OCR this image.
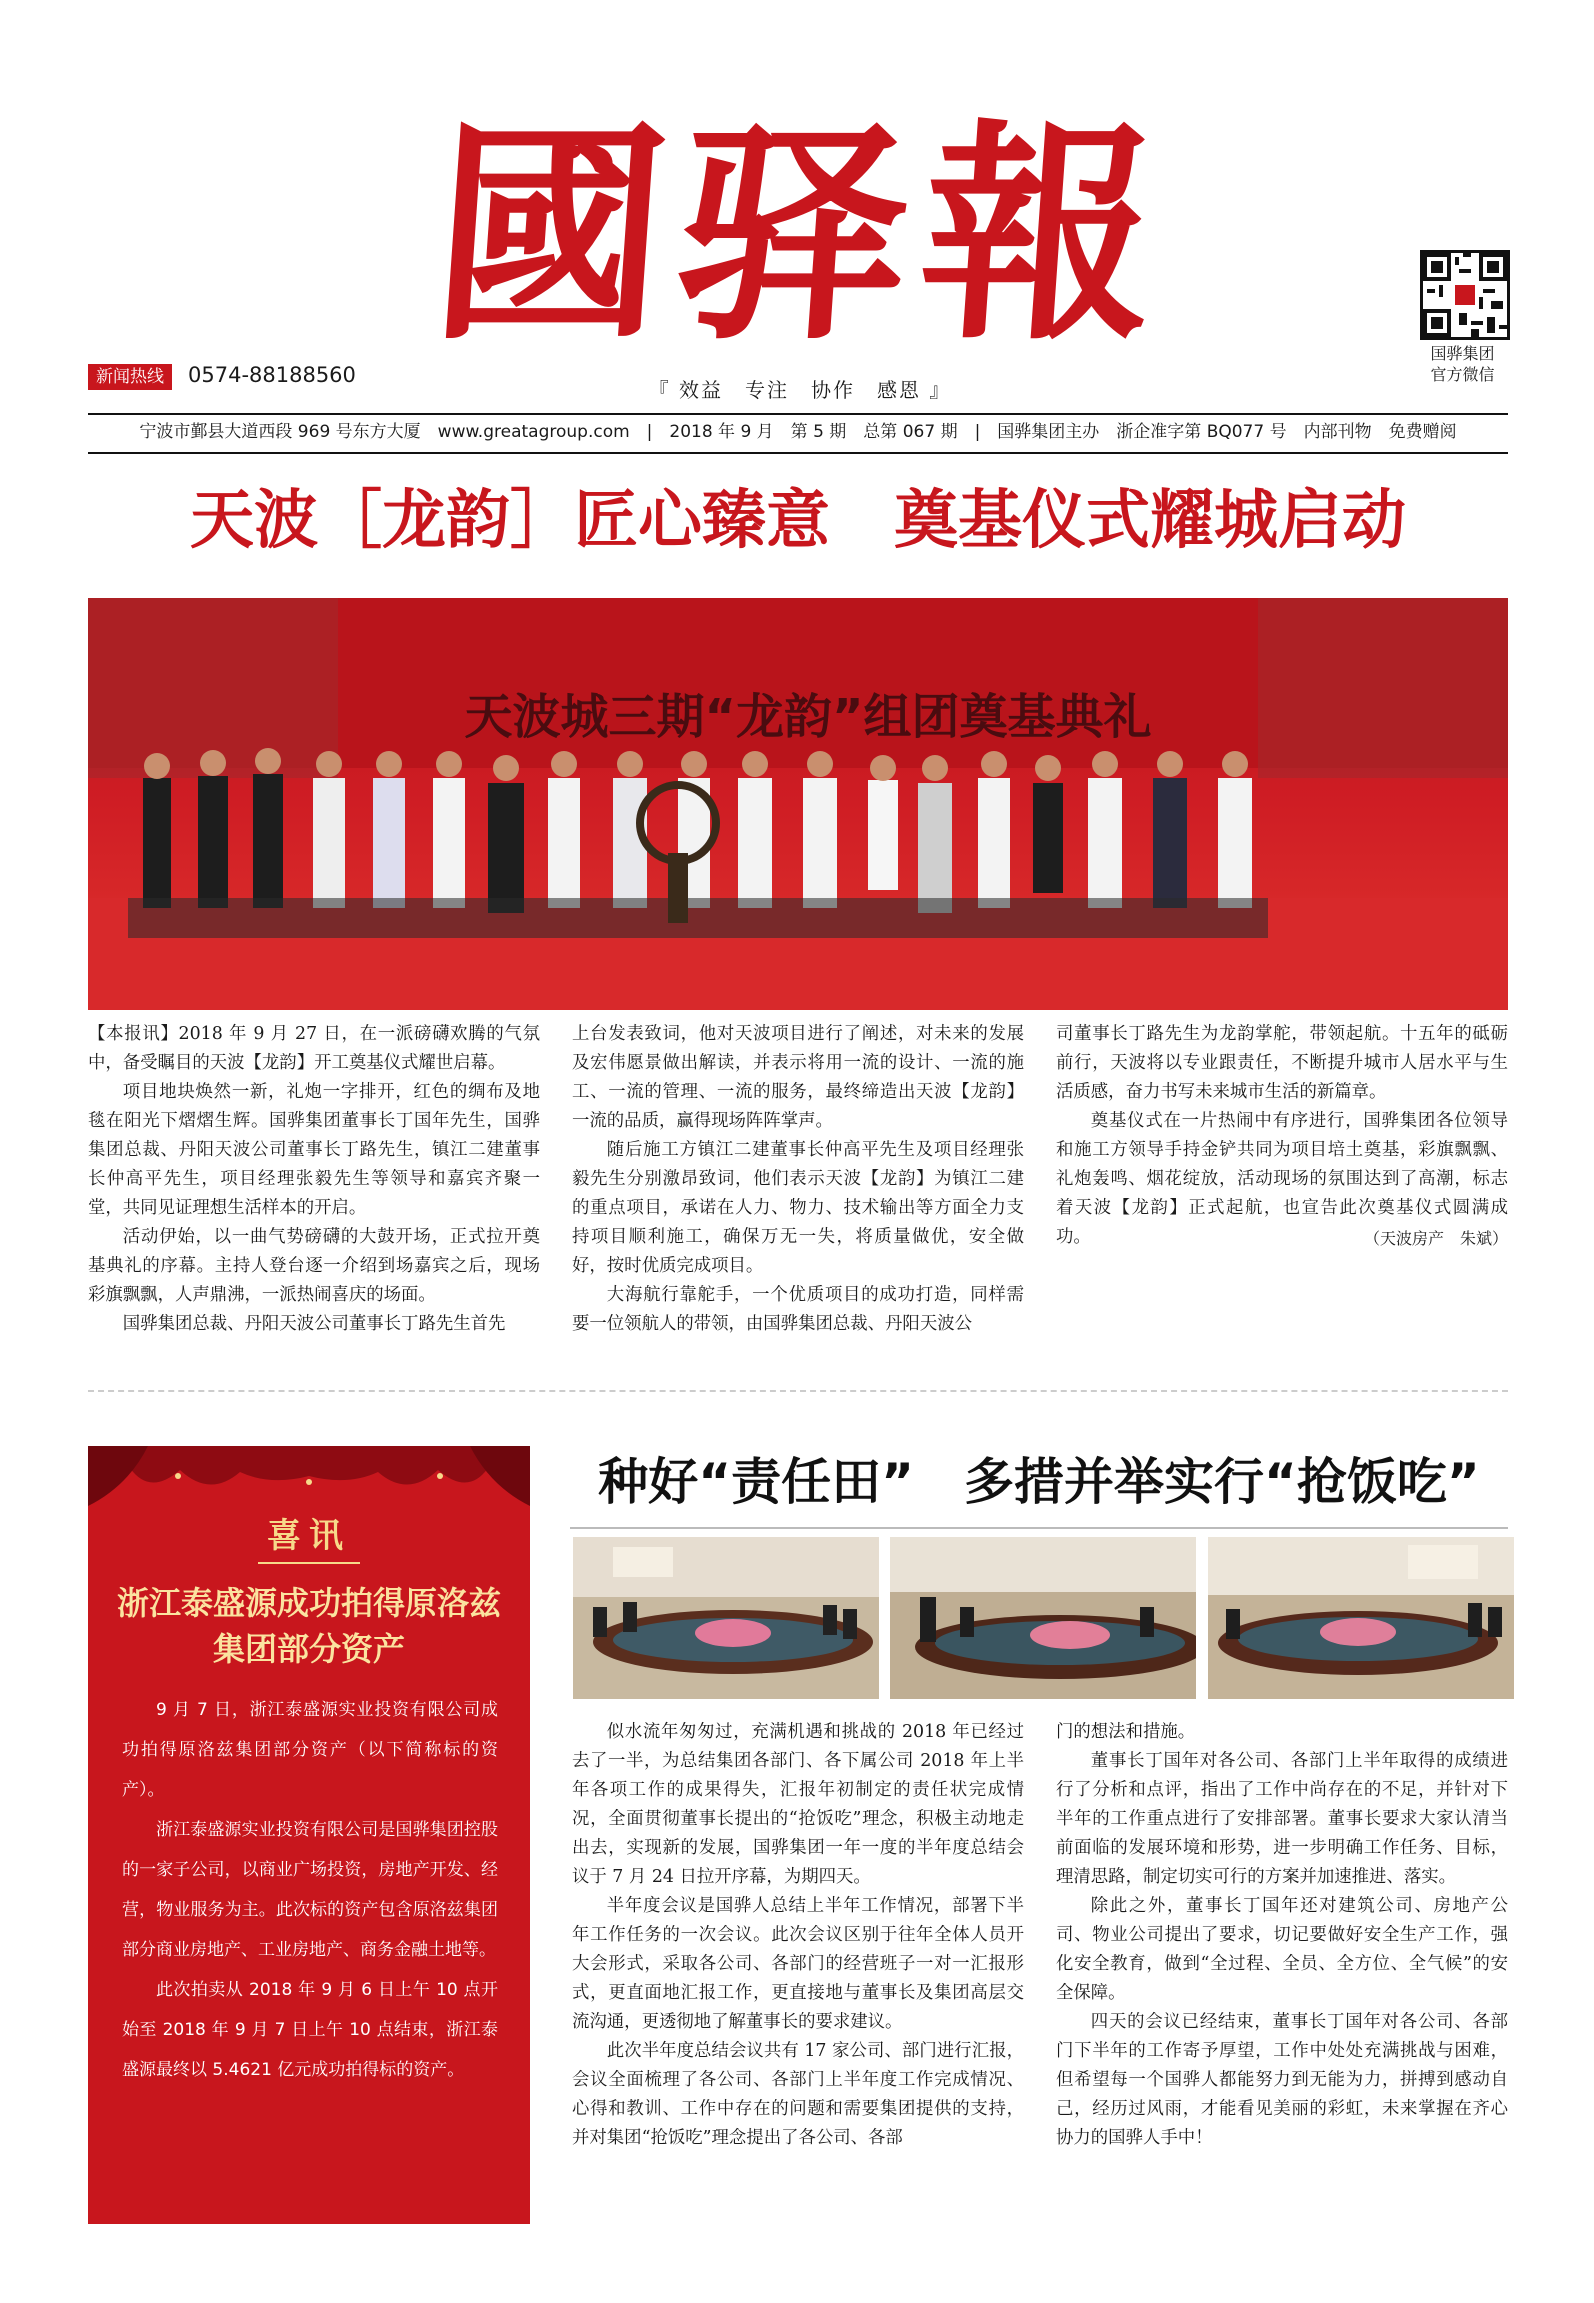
國驿報	国骅集团
官方微信
新闻热线	0574-88188560
『 效益　专注　协作　感恩 』
宁波市鄞县大道西段 969 号东方大厦　www.greatagroup.com　|　2018 年 9 月　第 5 期　总第 067 期　|　国骅集团主办　浙企准字第 BQ077 号　内部刊物　免费赠阅
天波［龙韵］匠心臻意　奠基仪式耀城启动
天波城三期“龙韵”组团奠基典礼

【本报讯】2018 年 9 月 27 日，在一派磅礴欢腾的气氛中，备受瞩目的天波【龙韵】开工奠基仪式耀世启幕。

项目地块焕然一新，礼炮一字排开，红色的绸布及地毯在阳光下熠熠生辉。国骅集团董事长丁国年先生，国骅集团总裁、丹阳天波公司董事长丁路先生，镇江二建董事长仲高平先生，项目经理张毅先生等领导和嘉宾齐聚一堂，共同见证理想生活样本的开启。

活动伊始，以一曲气势磅礴的大鼓开场，正式拉开奠基典礼的序幕。主持人登台逐一介绍到场嘉宾之后，现场彩旗飘飘，人声鼎沸，一派热闹喜庆的场面。

国骅集团总裁、丹阳天波公司董事长丁路先生首先

上台发表致词，他对天波项目进行了阐述，对未来的发展及宏伟愿景做出解读，并表示将用一流的设计、一流的施工、一流的管理、一流的服务，最终缔造出天波【龙韵】一流的品质，赢得现场阵阵掌声。

随后施工方镇江二建董事长仲高平先生及项目经理张毅先生分别激昂致词，他们表示天波【龙韵】为镇江二建的重点项目，承诺在人力、物力、技术输出等方面全力支持项目顺利施工，确保万无一失，将质量做优，安全做好，按时优质完成项目。

大海航行靠舵手，一个优质项目的成功打造，同样需要一位领航人的带领，由国骅集团总裁、丹阳天波公

司董事长丁路先生为龙韵掌舵，带领起航。十五年的砥砺前行，天波将以专业跟责任，不断提升城市人居水平与生活质感，奋力书写未来城市生活的新篇章。

奠基仪式在一片热闹中有序进行，国骅集团各位领导和施工方领导手持金铲共同为项目培土奠基，彩旗飘飘、礼炮轰鸣、烟花绽放，活动现场的氛围达到了高潮，标志着天波【龙韵】正式起航，也宣告此次奠基仪式圆满成功。	（天波房产　朱斌）
喜讯
浙江泰盛源成功拍得原洛兹集团部分资产

9 月 7 日，浙江泰盛源实业投资有限公司成功拍得原洛兹集团部分资产（以下简称标的资产）。

浙江泰盛源实业投资有限公司是国骅集团控股的一家子公司，以商业广场投资，房地产开发、经营，物业服务为主。此次标的资产包含原洛兹集团部分商业房地产、工业房地产、商务金融土地等。

此次拍卖从 2018 年 9 月 6 日上午 10 点开始至 2018 年 9 月 7 日上午 10 点结束，浙江泰盛源最终以 5.4621 亿元成功拍得标的资产。

种好“责任田”　多措并举实行“抢饭吃”

似水流年匆匆过，充满机遇和挑战的 2018 年已经过去了一半，为总结集团各部门、各下属公司 2018 年上半年各项工作的成果得失，汇报年初制定的责任状完成情况，全面贯彻董事长提出的“抢饭吃”理念，积极主动地走出去，实现新的发展，国骅集团一年一度的半年度总结会议于 7 月 24 日拉开序幕，为期四天。

半年度会议是国骅人总结上半年工作情况，部署下半年工作任务的一次会议。此次会议区别于往年全体人员开大会形式，采取各公司、各部门的经营班子一对一汇报形式，更直面地汇报工作，更直接地与董事长及集团高层交流沟通，更透彻地了解董事长的要求建议。

此次半年度总结会议共有 17 家公司、部门进行汇报，会议全面梳理了各公司、各部门上半年度工作完成情况、心得和教训、工作中存在的问题和需要集团提供的支持，并对集团“抢饭吃”理念提出了各公司、各部

门的想法和措施。

董事长丁国年对各公司、各部门上半年取得的成绩进行了分析和点评，指出了工作中尚存在的不足，并针对下半年的工作重点进行了安排部署。董事长要求大家认清当前面临的发展环境和形势，进一步明确工作任务、目标，理清思路，制定切实可行的方案并加速推进、落实。

除此之外，董事长丁国年还对建筑公司、房地产公司、物业公司提出了要求，切记要做好安全生产工作，强化安全教育，做到“全过程、全员、全方位、全气候”的安全保障。

四天的会议已经结束，董事长丁国年对各公司、各部门下半年的工作寄予厚望，工作中处处充满挑战与困难，但希望每一个国骅人都能努力到无能为力，拼搏到感动自己，经历过风雨，才能看见美丽的彩虹，未来掌握在齐心协力的国骅人手中！
